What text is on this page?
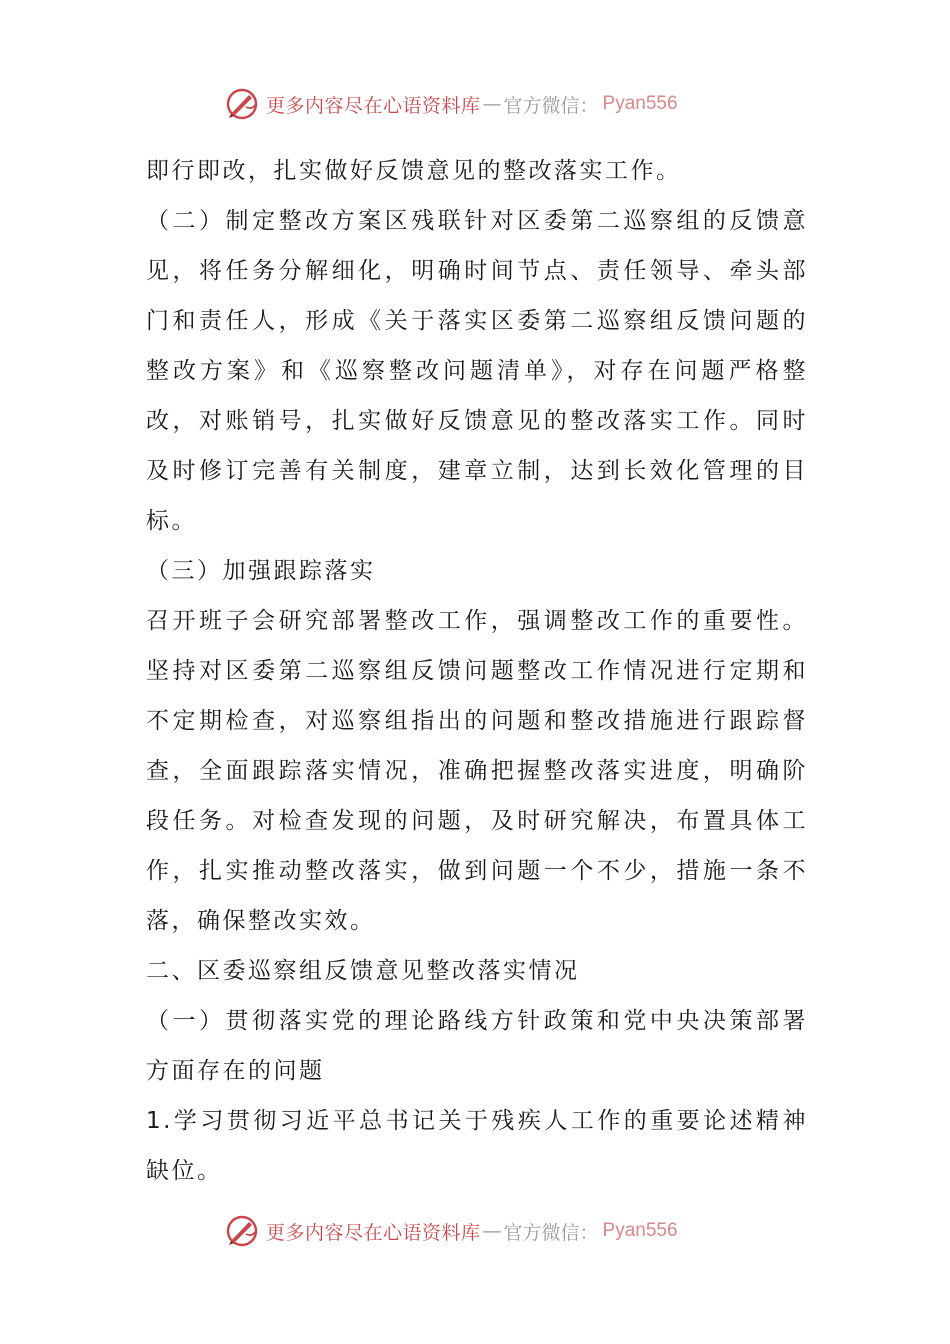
更多内容尽在心语资料库 — 官方微信： Pyan556

即行即改，扎实做好反馈意见的整改落实工作。

（二）制定整改方案区残联针对区委第二巡察组的反馈意见，将任务分解细化，明确时间节点、责任领导、牵头部门和责任人，形成《关于落实区委第二巡察组反馈问题的整改方案》和《巡察整改问题清单》，对存在问题严格整改，对账销号，扎实做好反馈意见的整改落实工作。同时及时修订完善有关制度，建章立制，达到长效化管理的目标。

（三）加强跟踪落实

召开班子会研究部署整改工作，强调整改工作的重要性。坚持对区委第二巡察组反馈问题整改工作情况进行定期和不定期检查，对巡察组指出的问题和整改措施进行跟踪督查，全面跟踪落实情况，准确把握整改落实进度，明确阶段任务。对检查发现的问题，及时研究解决，布置具体工作，扎实推动整改落实，做到问题一个不少，措施一条不落，确保整改实效。

二、区委巡察组反馈意见整改落实情况

（一）贯彻落实党的理论路线方针政策和党中央决策部署方面存在的问题

1.学习贯彻习近平总书记关于残疾人工作的重要论述精神缺位。

更多内容尽在心语资料库 — 官方微信： Pyan556
